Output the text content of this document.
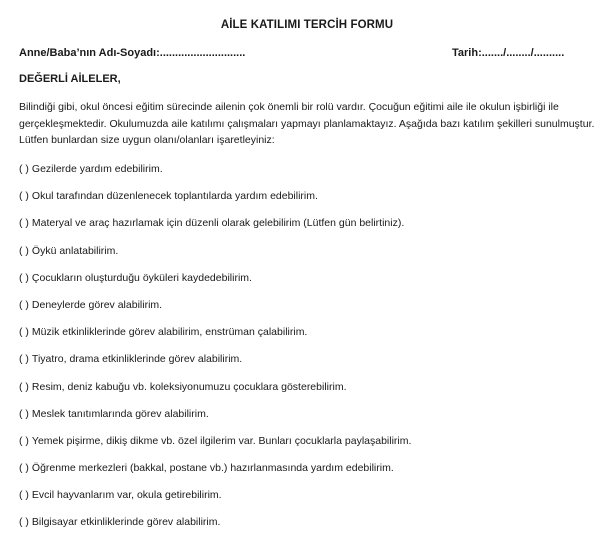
AİLE KATILIMI TERCİH FORMU
Anne/Baba’nın Adı-Soyadı:............................	Tarih:......./......../..........
DEĞERLİ AİLELER,
Bilindiği gibi, okul öncesi eğitim sürecinde ailenin çok önemli bir rolü vardır. Çocuğun eğitimi aile ile okulun işbirliği ile
gerçekleşmektedir. Okulumuzda aile katılımı çalışmaları yapmayı planlamaktayız. Aşağıda bazı katılım şekilleri sunulmuştur.
Lütfen bunlardan size uygun olanı/olanları işaretleyiniz:
( ) Gezilerde yardım edebilirim.
( ) Okul tarafından düzenlenecek toplantılarda yardım edebilirim.
( ) Materyal ve araç hazırlamak için düzenli olarak gelebilirim (Lütfen gün belirtiniz).
( ) Öykü anlatabilirim.
( ) Çocukların oluşturduğu öyküleri kaydedebilirim.
( ) Deneylerde görev alabilirim.
( ) Müzik etkinliklerinde görev alabilirim, enstrüman çalabilirim.
( ) Tiyatro, drama etkinliklerinde görev alabilirim.
( ) Resim, deniz kabuğu vb. koleksiyonumuzu çocuklara gösterebilirim.
( ) Meslek tanıtımlarında görev alabilirim.
( ) Yemek pişirme, dikiş dikme vb. özel ilgilerim var. Bunları çocuklarla paylaşabilirim.
( ) Öğrenme merkezleri (bakkal, postane vb.) hazırlanmasında yardım edebilirim.
( ) Evcil hayvanlarım var, okula getirebilirim.
( ) Bilgisayar etkinliklerinde görev alabilirim.
